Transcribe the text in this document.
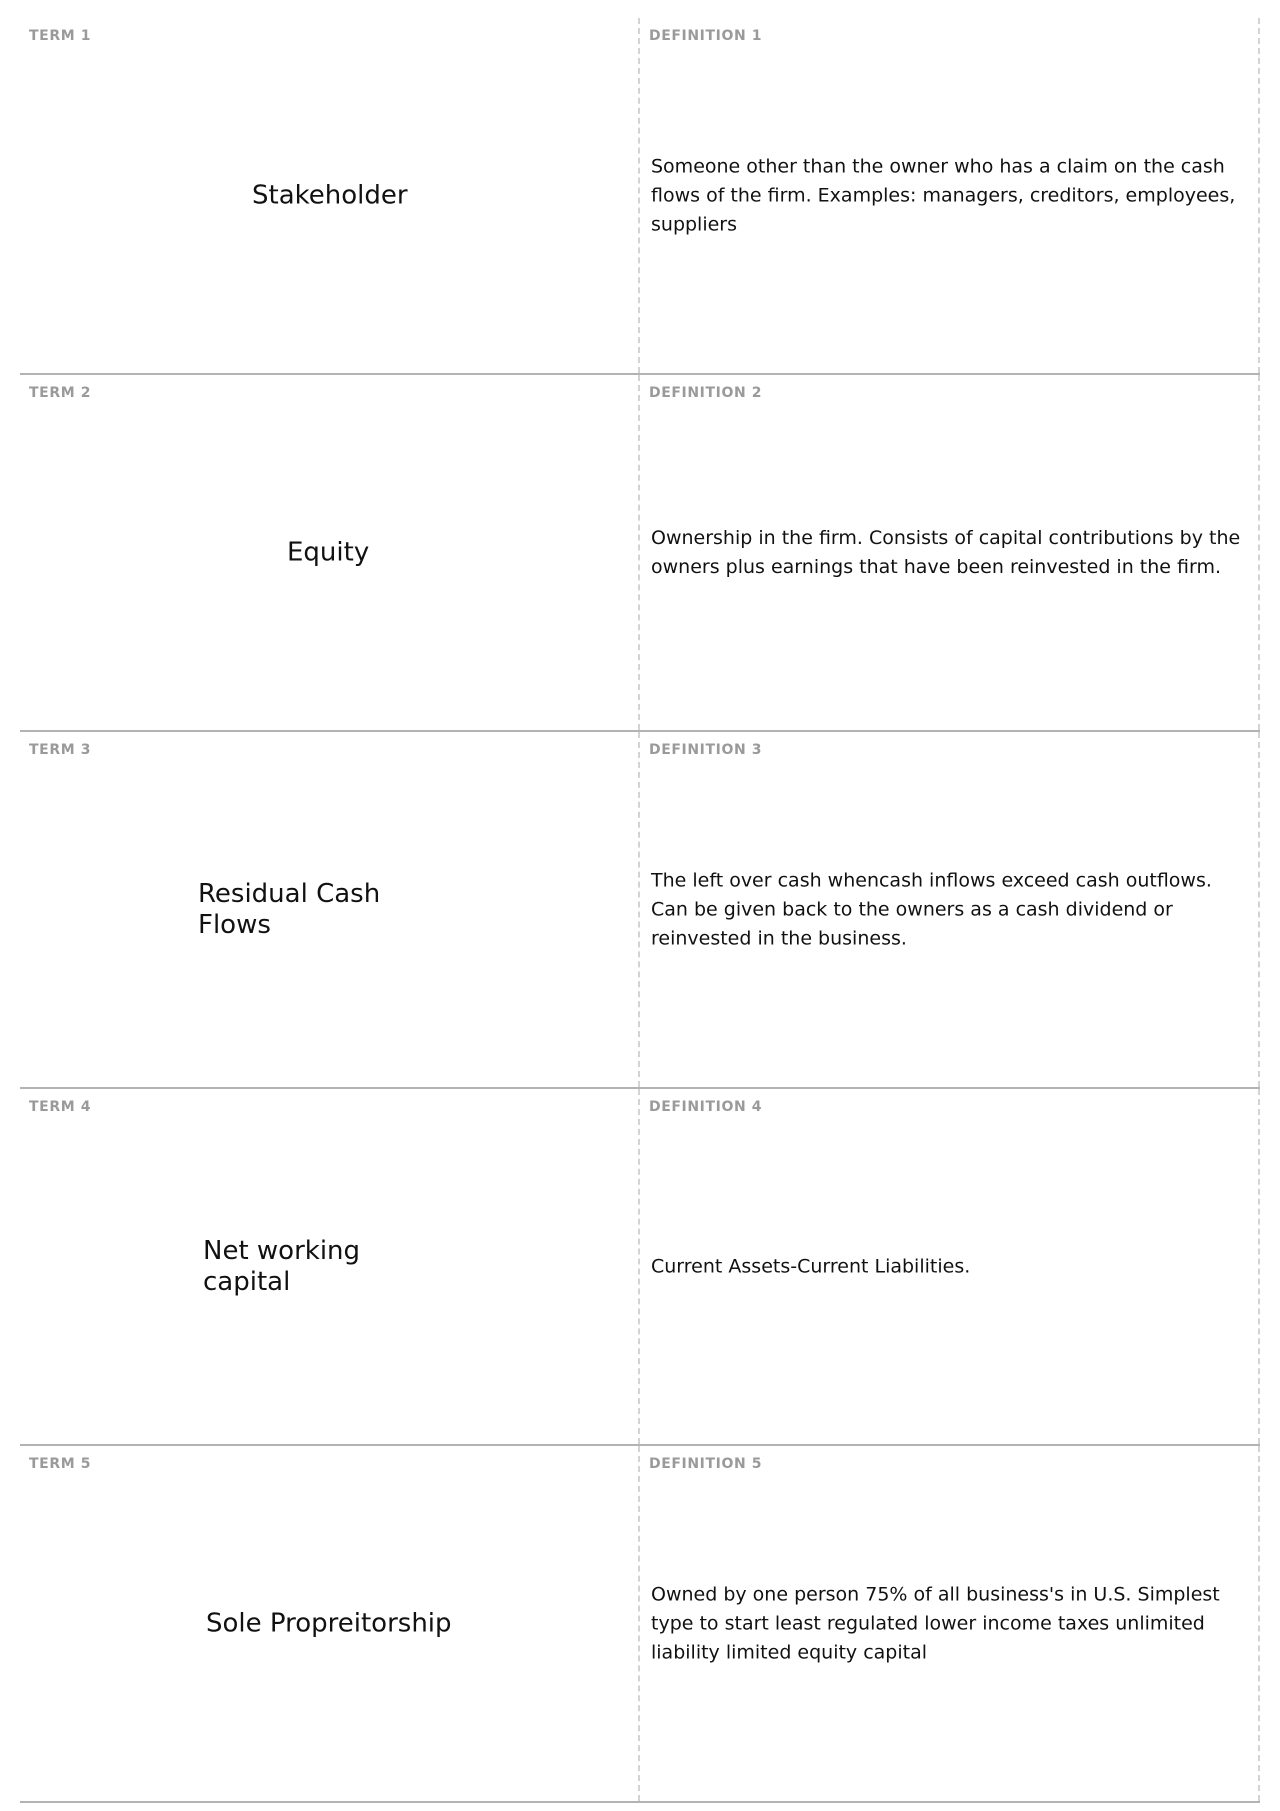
TERM 1
Stakeholder
DEFINITION 1
Someone other than the owner who has a claim on the cash flows of the firm. Examples: managers, creditors, employees, suppliers
TERM 2
Equity
DEFINITION 2
Ownership in the firm. Consists of capital contributions by the owners plus earnings that have been reinvested in the firm.
TERM 3
Residual Cash Flows
DEFINITION 3
The left over cash whencash inflows exceed cash outflows. Can be given back to the owners as a cash dividend or reinvested in the business.
TERM 4
Net working capital
DEFINITION 4
Current Assets-Current Liabilities.
TERM 5
Sole Propreitorship
DEFINITION 5
Owned by one person 75% of all business's in U.S. Simplest type to start least regulated lower income taxes unlimited liability limited equity capital
